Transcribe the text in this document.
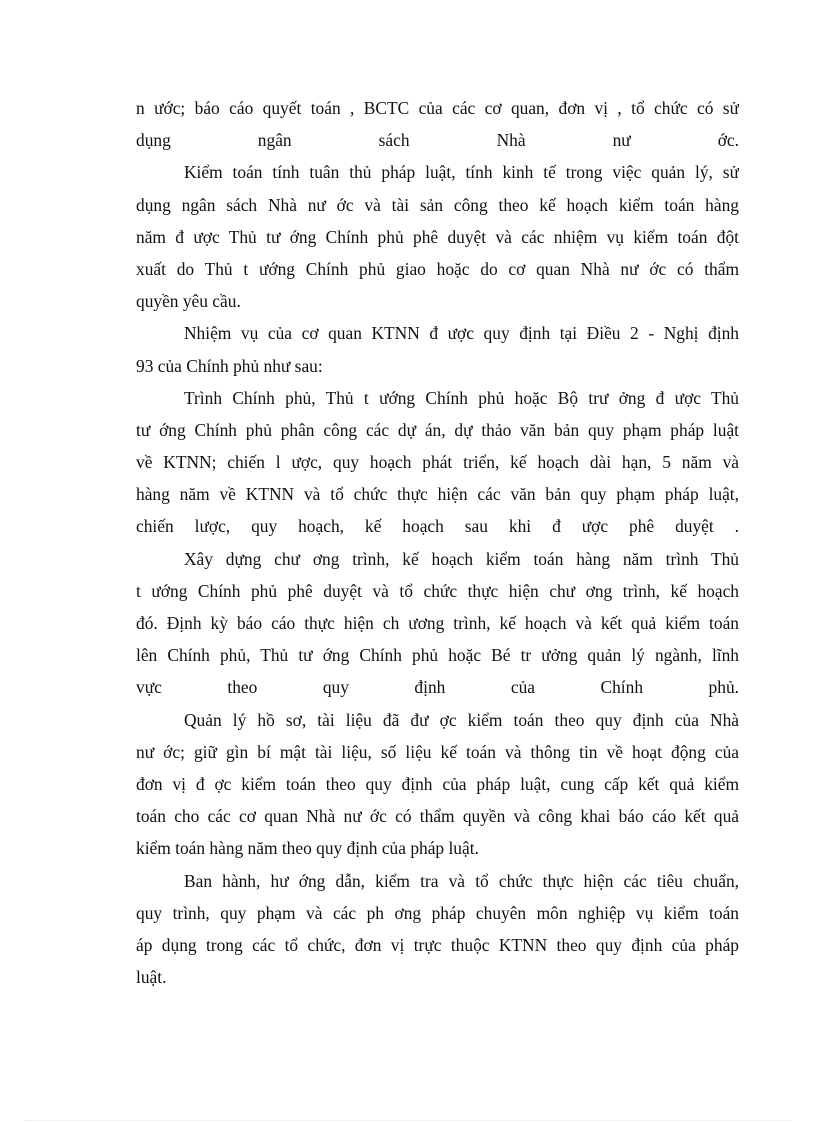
n ước; báo cáo quyết toán , BCTC của các cơ quan, đơn vị , tổ chức có sử
dụng ngân sách Nhà nư ớc.
Kiểm toán tính tuân thủ pháp luật, tính kinh tế trong việc quản lý, sử
dụng ngân sách Nhà nư ớc và tài sản công theo kế hoạch kiểm toán hàng
năm đ ược Thủ tư ớng Chính phủ phê duyệt và các nhiệm vụ kiểm toán đột
xuất do Thủ t ướng Chính phủ giao hoặc do cơ quan Nhà nư ớc có thẩm
quyền yêu cầu.
Nhiệm vụ của cơ quan KTNN đ ược quy định tại Điều 2 - Nghị định
93 của Chính phủ như sau:
Trình Chính phủ, Thủ t ướng Chính phủ hoặc Bộ trư ởng đ ược Thủ
tư ớng Chính phủ phân công các dự án, dự thảo văn bản quy phạm pháp luật
về KTNN; chiến l ược, quy hoạch phát triển, kế hoạch dài hạn, 5 năm và
hàng năm về KTNN và tổ chức thực hiện các văn bản quy phạm pháp luật,
chiến lược, quy hoạch, kế hoạch sau khi đ ược phê duyệt .
Xây dựng chư ơng trình, kế hoạch kiểm toán hàng năm trình Thủ
t ướng Chính phủ phê duyệt và tổ chức thực hiện chư ơng trình, kế hoạch
đó. Định kỳ báo cáo thực hiện ch ương trình, kế hoạch và kết quả kiểm toán
lên Chính phủ, Thủ tư ớng Chính phủ hoặc Bé tr ưởng quản lý ngành, lĩnh
vực theo quy định của Chính phủ.
Quản lý hồ sơ, tài liệu đã đư ợc kiểm toán theo quy định của Nhà
nư ớc; giữ gìn bí mật tài liệu, số liệu kế toán và thông tin về hoạt động của
đơn vị đ ợc kiểm toán theo quy định của pháp luật, cung cấp kết quả kiểm
toán cho các cơ quan Nhà nư ớc có thẩm quyền và công khai báo cáo kết quả
kiểm toán hàng năm theo quy định của pháp luật.
Ban hành, hư ớng dẫn, kiểm tra và tổ chức thực hiện các tiêu chuẩn,
quy trình, quy phạm và các ph ơng pháp chuyên môn nghiệp vụ kiểm toán
áp dụng trong các tổ chức, đơn vị trực thuộc KTNN theo quy định của pháp
luật.
